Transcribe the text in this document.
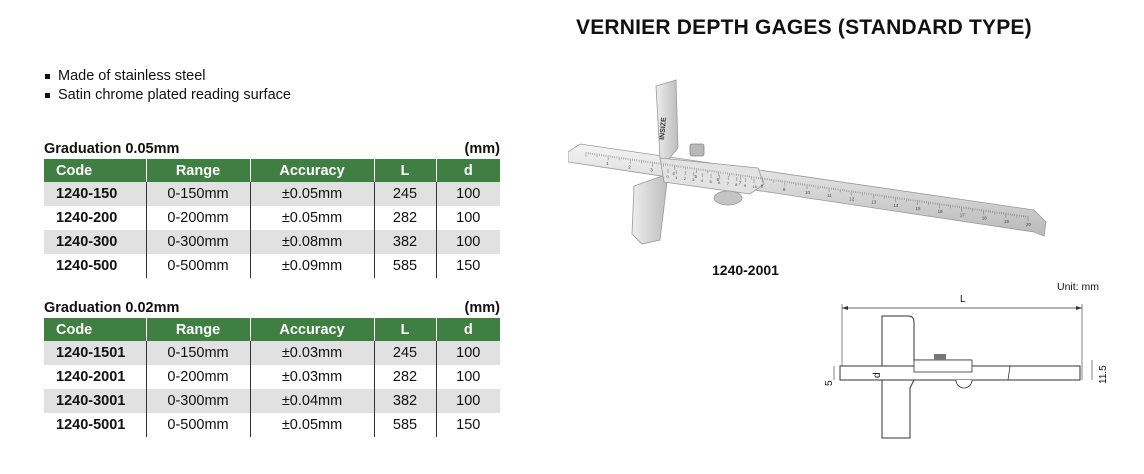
VERNIER DEPTH GAGES (STANDARD TYPE)
Made of stainless steel
Satin chrome plated reading surface
Graduation 0.05mm	(mm)
Code	Range	Accuracy	L	d
1240-150	0-150mm	±0.05mm	245	100
1240-200	0-200mm	±0.05mm	282	100
1240-300	0-300mm	±0.08mm	382	100
1240-500	0-500mm	±0.09mm	585	150
Graduation 0.02mm	(mm)
Code	Range	Accuracy	L	d
1240-1501	0-150mm	±0.03mm	245	100
1240-2001	0-200mm	±0.03mm	282	100
1240-3001	0-300mm	±0.04mm	382	100
1240-5001	0-500mm	±0.05mm	585	150
INSIZE
1
2
3
4
5
6
7
8
9
10
11
12
13
14
15
16
17
18
19
20
0 1 2 3 4 5 6 7 8 9 10
1240-2001
Unit: mm
L
d
5	11.5
